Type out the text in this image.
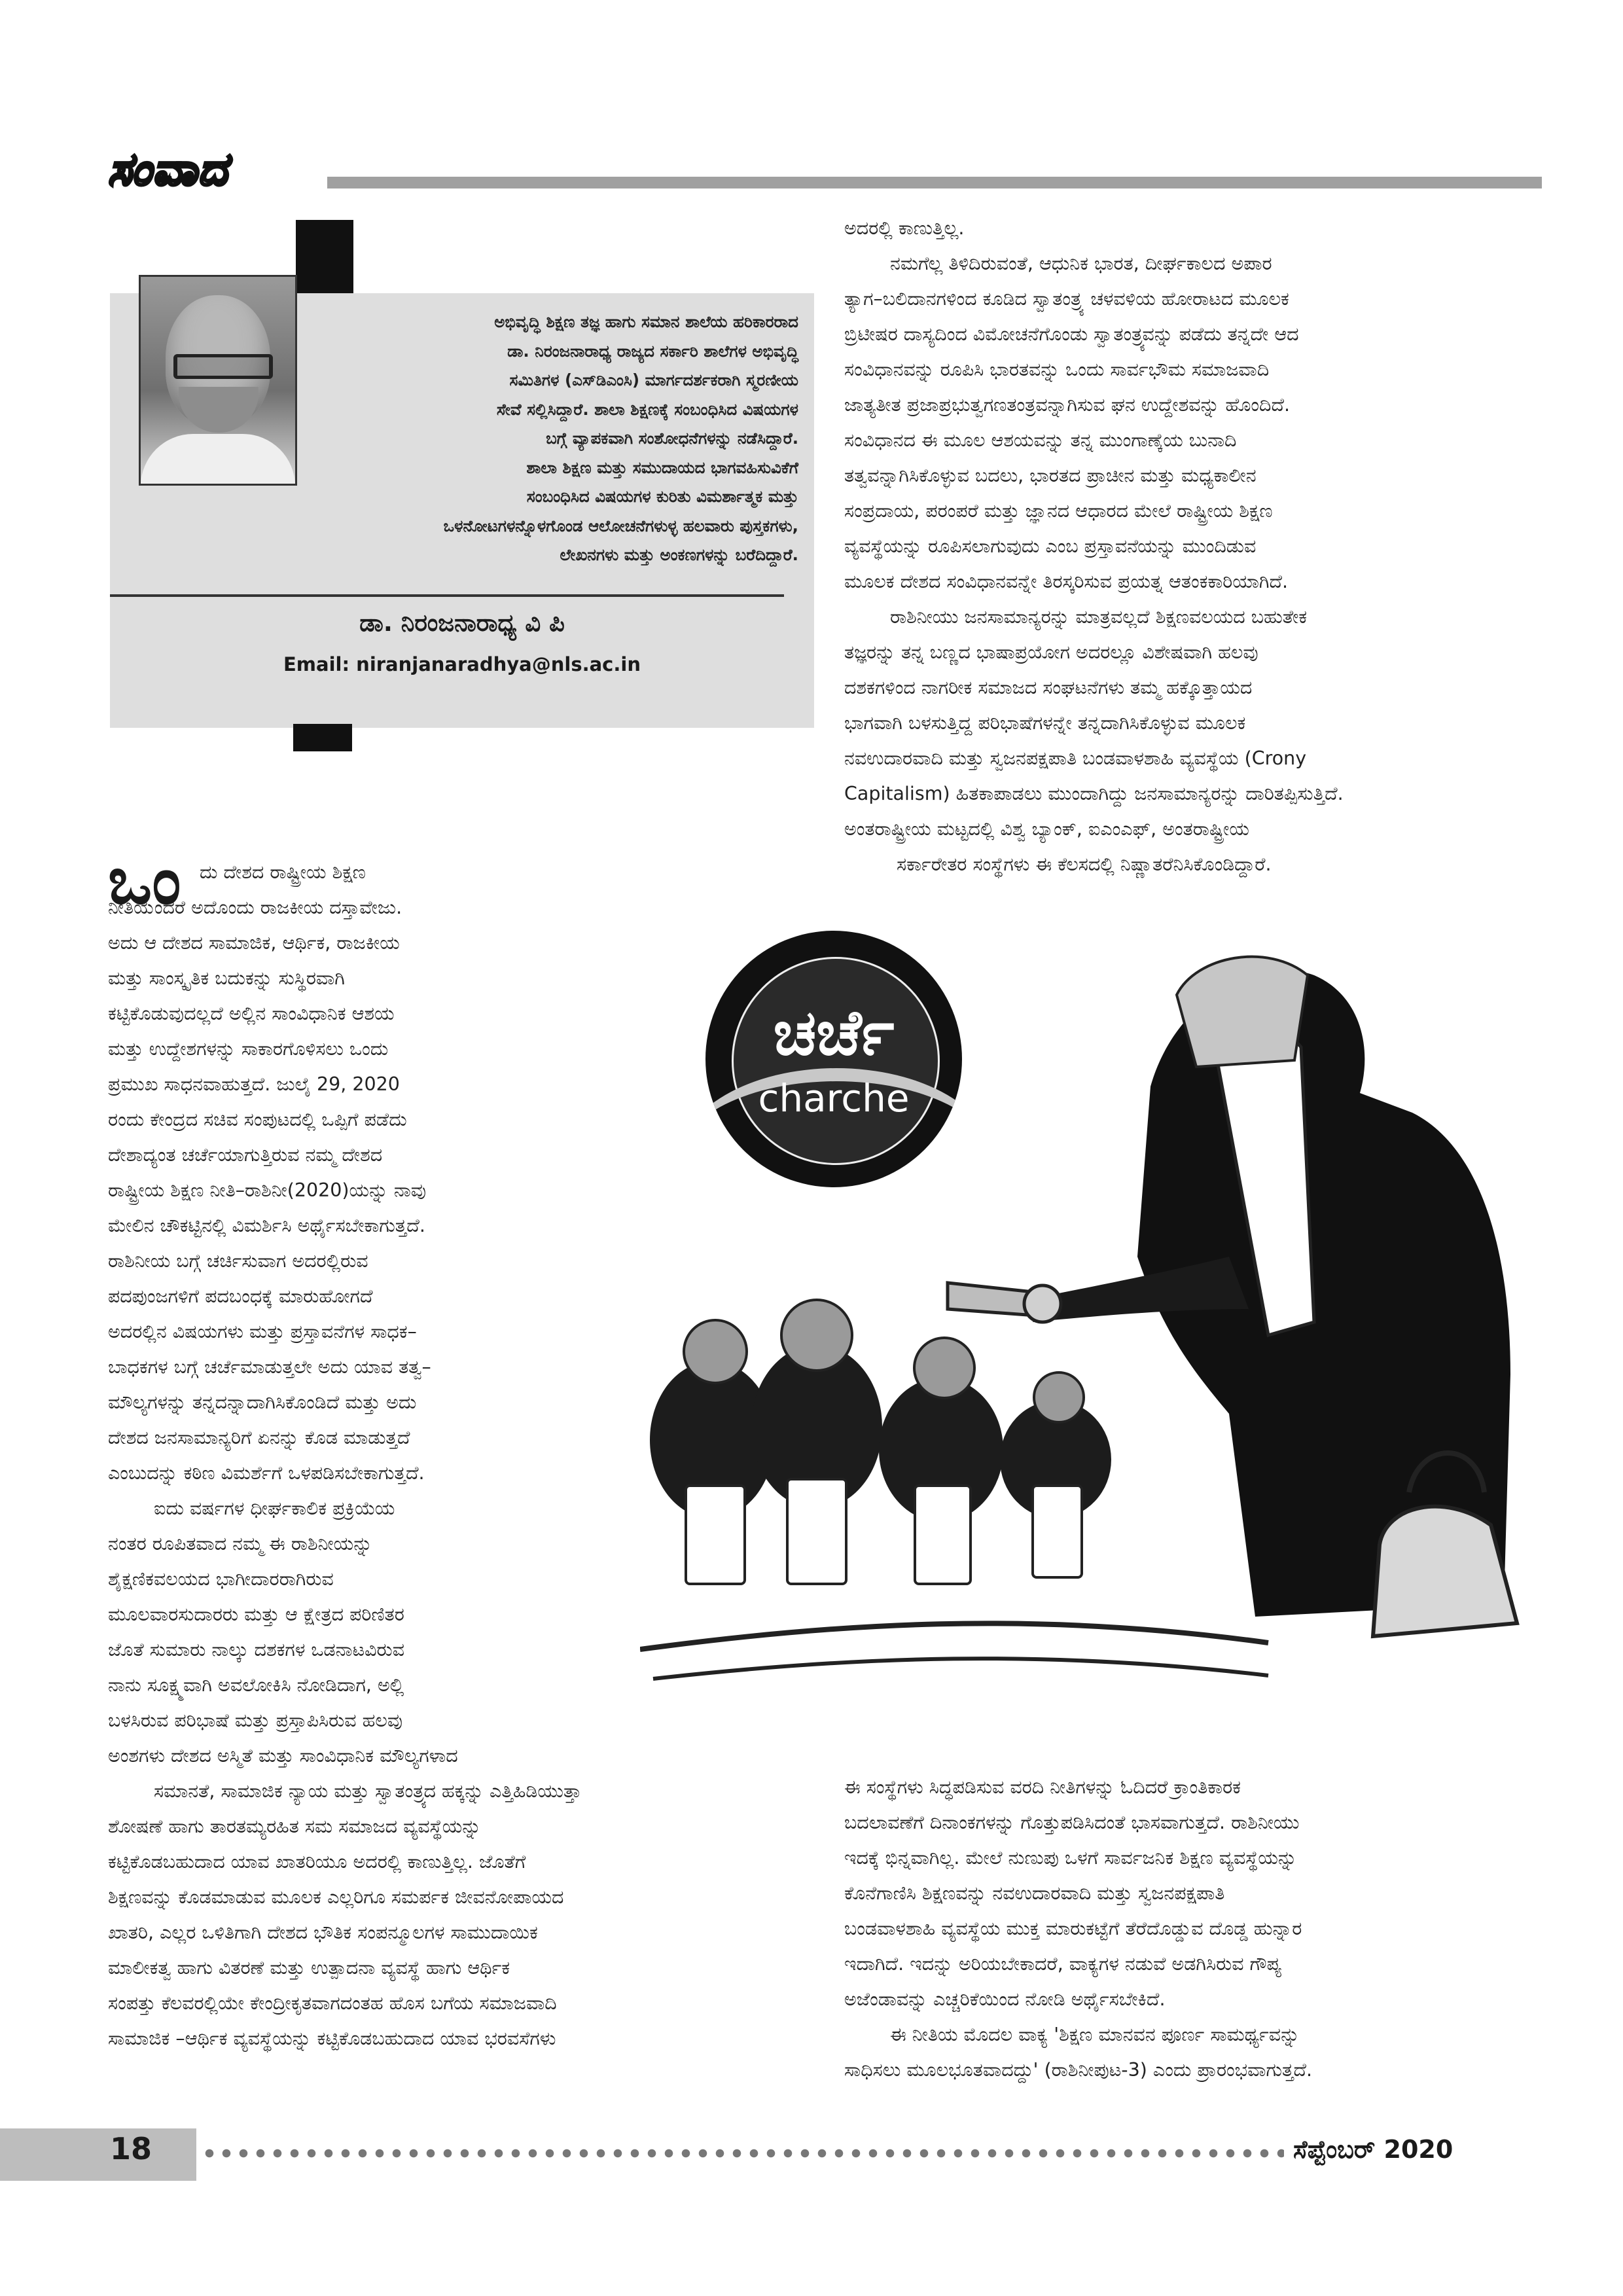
ಸಂವಾದ
ಅಭಿವೃದ್ಧಿ ಶಿಕ್ಷಣ ತಜ್ಞ ಹಾಗು ಸಮಾನ ಶಾಲೆಯ ಹರಿಕಾರರಾದ
ಡಾ. ನಿರಂಜನಾರಾಧ್ಯ ರಾಜ್ಯದ ಸರ್ಕಾರಿ ಶಾಲೆಗಳ ಅಭಿವೃದ್ಧಿ
ಸಮಿತಿಗಳ (ಎಸ್‌ಡಿಎಂಸಿ) ಮಾರ್ಗದರ್ಶಕರಾಗಿ ಸ್ಮರಣೀಯ
ಸೇವೆ ಸಲ್ಲಿಸಿದ್ದಾರೆ. ಶಾಲಾ ಶಿಕ್ಷಣಕ್ಕೆ ಸಂಬಂಧಿಸಿದ ವಿಷಯಗಳ
ಬಗ್ಗೆ ವ್ಯಾಪಕವಾಗಿ ಸಂಶೋಧನೆಗಳನ್ನು ನಡೆಸಿದ್ದಾರೆ.
ಶಾಲಾ ಶಿಕ್ಷಣ ಮತ್ತು ಸಮುದಾಯದ ಭಾಗವಹಿಸುವಿಕೆಗೆ
ಸಂಬಂಧಿಸಿದ ವಿಷಯಗಳ ಕುರಿತು ವಿಮರ್ಶಾತ್ಮಕ ಮತ್ತು
ಒಳನೋಟಗಳನ್ನೊಳಗೊಂಡ ಆಲೋಚನೆಗಳುಳ್ಳ ಹಲವಾರು ಪುಸ್ತಕಗಳು,
ಲೇಖನಗಳು ಮತ್ತು ಅಂಕಣಗಳನ್ನು ಬರೆದಿದ್ದಾರೆ.
ಡಾ. ನಿರಂಜನಾರಾಧ್ಯ ವಿ ಪಿ
Email: niranjanaradhya@nls.ac.in
ಅದರಲ್ಲಿ ಕಾಣುತ್ತಿಲ್ಲ.
ನಮಗೆಲ್ಲ ತಿಳಿದಿರುವಂತೆ, ಆಧುನಿಕ ಭಾರತ, ದೀರ್ಘಕಾಲದ ಅಪಾರ
ತ್ಯಾಗ–ಬಲಿದಾನಗಳಿಂದ ಕೂಡಿದ ಸ್ವಾತಂತ್ರ್ಯ ಚಳವಳಿಯ ಹೋರಾಟದ ಮೂಲಕ
ಬ್ರಿಟೀಷರ ದಾಸ್ಯದಿಂದ ವಿಮೋಚನೆಗೊಂಡು ಸ್ವಾತಂತ್ರ್ಯವನ್ನು ಪಡೆದು ತನ್ನದೇ ಆದ
ಸಂವಿಧಾನವನ್ನು ರೂಪಿಸಿ ಭಾರತವನ್ನು ಒಂದು ಸಾರ್ವಭೌಮ ಸಮಾಜವಾದಿ
ಜಾತ್ಯತೀತ ಪ್ರಜಾಪ್ರಭುತ್ವಗಣತಂತ್ರವನ್ನಾಗಿಸುವ ಘನ ಉದ್ದೇಶವನ್ನು ಹೊಂದಿದೆ.
ಸಂವಿಧಾನದ ಈ ಮೂಲ ಆಶಯವನ್ನು ತನ್ನ ಮುಂಗಾಣ್ಕೆಯ ಬುನಾದಿ
ತತ್ವವನ್ನಾಗಿಸಿಕೊಳ್ಳುವ ಬದಲು, ಭಾರತದ ಪ್ರಾಚೀನ ಮತ್ತು ಮಧ್ಯಕಾಲೀನ
ಸಂಪ್ರದಾಯ, ಪರಂಪರೆ ಮತ್ತು ಜ್ಞಾನದ ಆಧಾರದ ಮೇಲೆ ರಾಷ್ಟ್ರೀಯ ಶಿಕ್ಷಣ
ವ್ಯವಸ್ಥೆಯನ್ನು ರೂಪಿಸಲಾಗುವುದು ಎಂಬ ಪ್ರಸ್ತಾವನೆಯನ್ನು ಮುಂದಿಡುವ
ಮೂಲಕ ದೇಶದ ಸಂವಿಧಾನವನ್ನೇ ತಿರಸ್ಕರಿಸುವ ಪ್ರಯತ್ನ ಆತಂಕಕಾರಿಯಾಗಿದೆ.
ರಾಶಿನೀಯು ಜನಸಾಮಾನ್ಯರನ್ನು ಮಾತ್ರವಲ್ಲದೆ ಶಿಕ್ಷಣವಲಯದ ಬಹುತೇಕ
ತಜ್ಞರನ್ನು ತನ್ನ ಬಣ್ಣದ ಭಾಷಾಪ್ರಯೋಗ ಅದರಲ್ಲೂ ವಿಶೇಷವಾಗಿ ಹಲವು
ದಶಕಗಳಿಂದ ನಾಗರೀಕ ಸಮಾಜದ ಸಂಘಟನೆಗಳು ತಮ್ಮ ಹಕ್ಕೊತ್ತಾಯದ
ಭಾಗವಾಗಿ ಬಳಸುತ್ತಿದ್ದ ಪರಿಭಾಷೆಗಳನ್ನೇ ತನ್ನದಾಗಿಸಿಕೊಳ್ಳುವ ಮೂಲಕ
ನವಉದಾರವಾದಿ ಮತ್ತು ಸ್ವಜನಪಕ್ಷಪಾತಿ ಬಂಡವಾಳಶಾಹಿ ವ್ಯವಸ್ಥೆಯ (Crony
Capitalism) ಹಿತಕಾಪಾಡಲು ಮುಂದಾಗಿದ್ದು ಜನಸಾಮಾನ್ಯರನ್ನು ದಾರಿತಪ್ಪಿಸುತ್ತಿದೆ.
ಅಂತರಾಷ್ಟ್ರೀಯ ಮಟ್ಟದಲ್ಲಿ ವಿಶ್ವ ಬ್ಯಾಂಕ್, ಐಎಂಎಫ್, ಅಂತರಾಷ್ಟ್ರೀಯ
ಸರ್ಕಾರೇತರ ಸಂಸ್ಥೆಗಳು ಈ ಕೆಲಸದಲ್ಲಿ ನಿಷ್ಣಾತರೆನಿಸಿಕೊಂಡಿದ್ದಾರೆ.
ಚರ್ಚೆ
charche
ಒಂ ದು ದೇಶದ ರಾಷ್ಟ್ರೀಯ ಶಿಕ್ಷಣ
ನೀತಿಯೆಂದರೆ ಅದೊಂದು ರಾಜಕೀಯ ದಸ್ತಾವೇಜು.
ಅದು ಆ ದೇಶದ ಸಾಮಾಜಿಕ, ಆರ್ಥಿಕ, ರಾಜಕೀಯ
ಮತ್ತು ಸಾಂಸ್ಕೃತಿಕ ಬದುಕನ್ನು ಸುಸ್ಥಿರವಾಗಿ
ಕಟ್ಟಿಕೊಡುವುದಲ್ಲದೆ ಅಲ್ಲಿನ ಸಾಂವಿಧಾನಿಕ ಆಶಯ
ಮತ್ತು ಉದ್ದೇಶಗಳನ್ನು ಸಾಕಾರಗೊಳಿಸಲು ಒಂದು
ಪ್ರಮುಖ ಸಾಧನವಾಹುತ್ತದೆ. ಜುಲೈ 29, 2020
ರಂದು ಕೇಂದ್ರದ ಸಚಿವ ಸಂಪುಟದಲ್ಲಿ ಒಪ್ಪಿಗೆ ಪಡೆದು
ದೇಶಾದ್ಯಂತ ಚರ್ಚೆಯಾಗುತ್ತಿರುವ ನಮ್ಮ ದೇಶದ
ರಾಷ್ಟ್ರೀಯ ಶಿಕ್ಷಣ ನೀತಿ–ರಾಶಿನೀ(2020)ಯನ್ನು ನಾವು
ಮೇಲಿನ ಚೌಕಟ್ಟಿನಲ್ಲಿ ವಿಮರ್ಶಿಸಿ ಅರ್ಥೈಸಬೇಕಾಗುತ್ತದೆ.
ರಾಶಿನೀಯ ಬಗ್ಗೆ ಚರ್ಚಿಸುವಾಗ ಅದರಲ್ಲಿರುವ
ಪದಪುಂಜಗಳಿಗೆ ಪದಬಂಧಕ್ಕೆ ಮಾರುಹೋಗದೆ
ಅದರಲ್ಲಿನ ವಿಷಯಗಳು ಮತ್ತು ಪ್ರಸ್ತಾವನೆಗಳ ಸಾಧಕ–
ಬಾಧಕಗಳ ಬಗ್ಗೆ ಚರ್ಚೆಮಾಡುತ್ತಲೇ ಅದು ಯಾವ ತತ್ವ–
ಮೌಲ್ಯಗಳನ್ನು ತನ್ನದನ್ನಾದಾಗಿಸಿಕೊಂಡಿದೆ ಮತ್ತು ಅದು
ದೇಶದ ಜನಸಾಮಾನ್ಯರಿಗೆ ಏನನ್ನು ಕೊಡ ಮಾಡುತ್ತದೆ
ಎಂಬುದನ್ನು ಕಠಿಣ ವಿಮರ್ಶೆಗೆ ಒಳಪಡಿಸಬೇಕಾಗುತ್ತದೆ.
ಐದು ವರ್ಷಗಳ ಧೀರ್ಘಕಾಲಿಕ ಪ್ರಕ್ರಿಯೆಯ
ನಂತರ ರೂಪಿತವಾದ ನಮ್ಮ ಈ ರಾಶಿನೀಯನ್ನು
ಶೈಕ್ಷಣಿಕವಲಯದ ಭಾಗೀದಾರರಾಗಿರುವ
ಮೂಲವಾರಸುದಾರರು ಮತ್ತು ಆ ಕ್ಷೇತ್ರದ ಪರಿಣಿತರ
ಜೊತೆ ಸುಮಾರು ನಾಲ್ಕು ದಶಕಗಳ ಒಡನಾಟವಿರುವ
ನಾನು ಸೂಕ್ಷ್ಮವಾಗಿ ಅವಲೋಕಿಸಿ ನೋಡಿದಾಗ, ಅಲ್ಲಿ
ಬಳಸಿರುವ ಪರಿಭಾಷೆ ಮತ್ತು ಪ್ರಸ್ತಾಪಿಸಿರುವ ಹಲವು
ಅಂಶಗಳು ದೇಶದ ಅಸ್ಮಿತೆ ಮತ್ತು ಸಾಂವಿಧಾನಿಕ ಮೌಲ್ಯಗಳಾದ
ಸಮಾನತೆ, ಸಾಮಾಜಿಕ ನ್ಯಾಯ ಮತ್ತು ಸ್ವಾತಂತ್ರ್ಯದ ಹಕ್ಕನ್ನು ಎತ್ತಿಹಿಡಿಯುತ್ತಾ
ಶೋಷಣೆ ಹಾಗು ತಾರತಮ್ಯರಹಿತ ಸಮ ಸಮಾಜದ ವ್ಯವಸ್ಥೆಯನ್ನು
ಕಟ್ಟಿಕೊಡಬಹುದಾದ ಯಾವ ಖಾತರಿಯೂ ಅದರಲ್ಲಿ ಕಾಣುತ್ತಿಲ್ಲ. ಜೊತೆಗೆ
ಶಿಕ್ಷಣವನ್ನು ಕೊಡಮಾಡುವ ಮೂಲಕ ಎಲ್ಲರಿಗೂ ಸಮರ್ಪಕ ಜೀವನೋಪಾಯದ
ಖಾತರಿ, ಎಲ್ಲರ ಒಳಿತಿಗಾಗಿ ದೇಶದ ಭೌತಿಕ ಸಂಪನ್ಮೂಲಗಳ ಸಾಮುದಾಯಿಕ
ಮಾಲೀಕತ್ವ ಹಾಗು ವಿತರಣೆ ಮತ್ತು ಉತ್ಪಾದನಾ ವ್ಯವಸ್ಥೆ ಹಾಗು ಆರ್ಥಿಕ
ಸಂಪತ್ತು ಕೆಲವರಲ್ಲಿಯೇ ಕೇಂದ್ರೀಕೃತವಾಗದಂತಹ ಹೊಸ ಬಗೆಯ ಸಮಾಜವಾದಿ
ಸಾಮಾಜಿಕ –ಆರ್ಥಿಕ ವ್ಯವಸ್ಥೆಯನ್ನು ಕಟ್ಟಿಕೊಡಬಹುದಾದ ಯಾವ ಭರವಸೆಗಳು
ಈ ಸಂಸ್ಥೆಗಳು ಸಿದ್ಧಪಡಿಸುವ ವರದಿ ನೀತಿಗಳನ್ನು ಓದಿದರೆ ಕ್ರಾಂತಿಕಾರಕ
ಬದಲಾವಣೆಗೆ ದಿನಾಂಕಗಳನ್ನು ಗೊತ್ತುಪಡಿಸಿದಂತೆ ಭಾಸವಾಗುತ್ತದೆ. ರಾಶಿನೀಯು
ಇದಕ್ಕೆ ಭಿನ್ನವಾಗಿಲ್ಲ. ಮೇಲೆ ನುಣುಪು ಒಳಗೆ ಸಾರ್ವಜನಿಕ ಶಿಕ್ಷಣ ವ್ಯವಸ್ಥೆಯನ್ನು
ಕೊನೆಗಾಣಿಸಿ ಶಿಕ್ಷಣವನ್ನು ನವಉದಾರವಾದಿ ಮತ್ತು ಸ್ವಜನಪಕ್ಷಪಾತಿ
ಬಂಡವಾಳಶಾಹಿ ವ್ಯವಸ್ಥೆಯ ಮುಕ್ತ ಮಾರುಕಟ್ಟೆಗೆ ತೆರೆದೊಡ್ಡುವ ದೊಡ್ಡ ಹುನ್ನಾರ
ಇದಾಗಿದೆ. ಇದನ್ನು ಅರಿಯಬೇಕಾದರೆ, ವಾಕ್ಯಗಳ ನಡುವೆ ಅಡಗಿಸಿರುವ ಗೌಪ್ಯ
ಅಜೆಂಡಾವನ್ನು ಎಚ್ಚರಿಕೆಯಿಂದ ನೋಡಿ ಅರ್ಥೈಸಬೇಕಿದೆ.
ಈ ನೀತಿಯ ಮೊದಲ ವಾಕ್ಯ 'ಶಿಕ್ಷಣ ಮಾನವನ ಪೂರ್ಣ ಸಾಮರ್ಥ್ಯವನ್ನು
ಸಾಧಿಸಲು ಮೂಲಭೂತವಾದದ್ದು' (ರಾಶಿನೀಪುಟ-3) ಎಂದು ಪ್ರಾರಂಭವಾಗುತ್ತದೆ.
18	ಸೆಪ್ಟೆಂಬರ್ 2020
